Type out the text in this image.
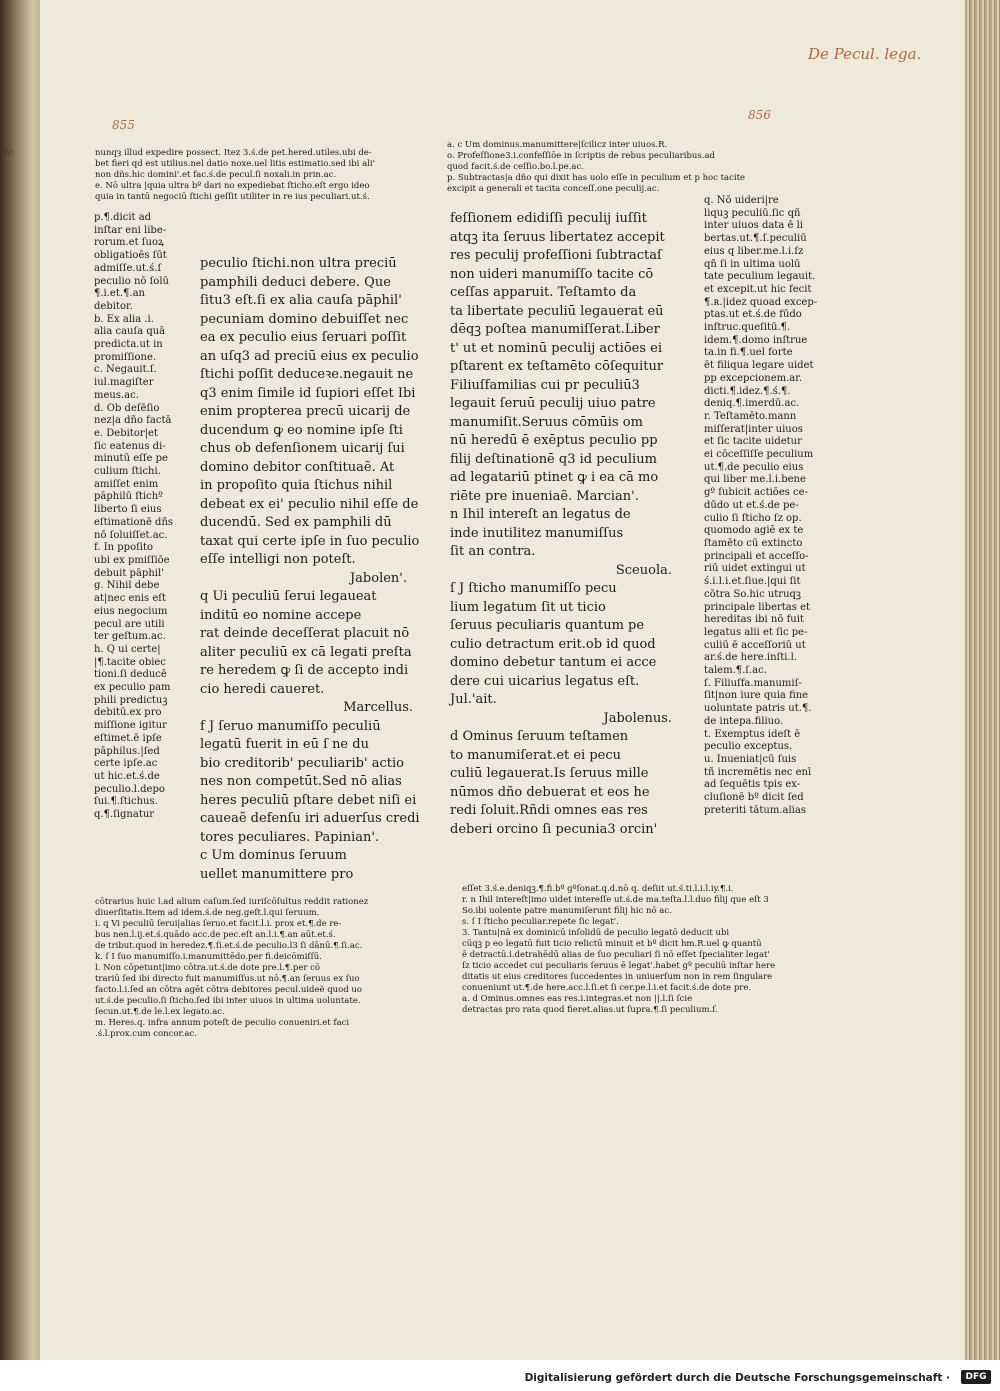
855
De Pecul. lega.
855
856
nunqȝ illud expedire possect. Itez 3.ś.de pet.hered.utiles.ubi de-
bet fieri qd est utilius.nel datio noxe.uel litis estimatio.sed ibi ali'
non dñs.hic domini'.et fac.ś.de pecul.ſi noxali.in prin.ac.
e. Nō ultra |quia ultra bº dari no expediebat ſticho.eſt ergo ideo
quia in tantū negociū ſtichi geſſit utiliter in re ius peculiari.ut.ś.
p.¶.dicit ad
inſtar eni libe-
rorum.et ſuoꝝ
obligatioēs ſūt
admiſſe.ut.ś.ſ
peculio nō ſolū
¶.i.et.¶.an
debitor.
b. Ex alia .i.
alia cauſa quā
predicta.ut in
promiſſione.
c. Negauit.ſ.
iul.magiſter
meus.ac.
d. Ob deſēſio
nez|a dño factā
e. Debitor|et
ſic eatenus di-
minutū eſſe pe
culium ſtichi.
amiſſet enim
pāphilū ſtichº
liberto ſi eius
eſtimationē dñs
nō ſoluiſſet.ac.
f. In ppoſito
ubi ex pmiſſiōe
debuit pāphil'
g. Nihil debe
at|nec enis eſt
eius negocium
pecul are utili
ter geſtum.ac.
h. Q ui certe|
|¶.tacite obiec
tioni.ſi deducē
ex peculio pam
phili predictuꝫ
debitū.ex pro
miſſione igitur
eſtimet.ē ipſe
pāphilus.|ſed
certe ipſe.ac
ut hic.et.ś.de
peculio.l.depo
ſui.¶.ſtichus.
q.¶.ſignatur
peculio ſtichi.non ultra preciū
pamphili deduci debere. Que
ſitu3 eſt.ſi ex alia cauſa pāphil'
pecuniam domino debuiſſet nec
ea ex peculio eius ſeruari poſſit
an uſq3 ad preciū eius ex peculio
ſtichi poſſit deduceꝛe.negauit ne
q3 enim ſimile id ſupiori eſſet Ibi
enim propterea precū uicarij de
ducendum ꝙ eo nomine ipſe ſti
chus ob defenſionem uicarij ſui
domino debitor conſtituaẽ. At
in propoſito quia ſtichus nihil
debeat ex ei' peculio nihil eſſe de
ducendū. Sed ex pamphili dū
taxat qui certe ipſe in ſuo peculio
eſſe intelligi non poteſt.
Jabolen'.
q Ui peculiū ſerui legaueat
inditū eo nomine accepe
rat deinde deceſſerat placuit nō
aliter peculiū ex cā legati preſta
re heredem ꝙ ſi de accepto indi
cio heredi caueret.
Marcellus.
f J ſeruo manumiſſo peculiū
legatū fuerit in eū ſ ne du
bio creditorib' peculiarib' actio
nes non competūt.Sed nō alias
heres peculiū pſtare debet niſi ei
caueaẽ defenſu iri aduerſus credi
tores peculiares. Papinian'.
c Um dominus ſeruum
uellet manumittere pro
a. c Um dominus.manumittere|ſcilicz inter uiuos.R.
o. Profeſſione3.i.confeſſiōe in ſcriptis de rebus peculiaribus.ad
quod facit.ś.de ceſſio.bo.l.pe.ac.
p. Subtractas|a dño qui dixit has uolo eſſe in peculium et p hoc tacite
excipit a generali et tacita conceſſ.one peculij.ac.
feſſionem edidiſſi peculij iuſſit
atqꝫ ita ſeruus libertatez accepit
res peculij profeſſioni ſubtractaſ
non uideri manumiſſo tacite cō
ceſſas apparuit. Teſtamto da
ta libertate peculiū legauerat eū
dēqꝫ poſtea manumiſſerat.Liber
t' ut et nominū peculij actiōes ei
pſtarent ex teſtamēto cōſequitur
Filiuſfamilias cui pr peculiū3
legauit ſeruū peculij uiuo patre
manumiſit.Seruus cōmūis om
nū heredū ē exēptus peculio pp
filij deſtinationē q3 id peculium
ad legatariū ptinet ꝙ i ea cā mo
riēte pre inueniaẽ. Marcian'.
n Ihil intereſt an legatus de
inde inutilitez manumiſſus
ſit an contra.
Sceuola.
ſ J ſticho manumiſſo pecu
lium legatum ſit ut ticio
ſeruus peculiaris quantum pe
culio detractum erit.ob id quod
domino debetur tantum ei acce
dere cui uicarius legatus eſt.
Jul.'ait.
Jabolenus.
d Ominus ſeruum teſtamen
to manumiſerat.et ei pecu
culiū legauerat.Is ſeruus mille
nūmos dño debuerat et eos he
redi ſoluit.Rñdi omnes eas res
deberi orcino ſi pecunia3 orcin'
q. Nō uideri|re
liquꝫ peculiū.ſic qñ
inter uiuos data ē li
bertas.ut.¶.ſ.peculiū
eius q liber.me.l.i.ſz
qñ ſi in ultima uolū
tate peculium legauit.
et excepit.ut hic fecit
¶.ʀ.|idez quoad excep-
ptas.ut et.ś.de fūdo
inſtruc.queſitū.¶.
idem.¶.domo inſtrue
ta.in fi.¶.uel forte
ēt filiqua legare uidet
pp excepcionem.ar.
dicti.¶.idez.¶.ś.¶.
deniq.¶.imerdū.ac.
r. Teſtamēto.mann
miſſerat|inter uiuos
et ſic tacite uidetur
ei cōceſſiſſe peculium
ut.¶.de peculio eius
qui liber me.l.i.bene
gº ſubicit actiōes ce-
dūdo ut et.ś.de pe-
culio ſi ſticho ſz op.
quomodo agiẽ ex te
ſtamēto cū extincto
principali et acceſſo-
riū uidet extingui ut
ś.i.l.i.et.ſiue.|qui ſit
cōtra So.hic utruqꝫ
principale libertas et
hereditas ibi nō fuit
legatus alii et ſic pe-
culiū ē acceſſoriū ut
ar.ś.de here.inſti.l.
talem.¶.ſ.ac.
ſ. Filiuſfa.manumiſ-
ſit|non iure quia fine
uoluntate patris ut.¶.
de intepa.filiuo.
t. Exemptus ideſt ē
peculio exceptus.
u. Inueniat|cū ſuis
tñ incremētis nec enī
ad ſequētis tpis ex-
cluſionē bº dicit ſed
preteriti tātum.alias
cōtrarius huic l.ad alium caſum.ſed iuriſcōſultus reddit rationez
diuerſitatis.Item ad idem.ś.de neg.geſt.l.qui ſeruum.
i. q Vi peculiū ſerui|alias ſeruo.et facit.l.i. prox et.¶.de re-
bus nen.l.ij.et.ś.quādo acc.de pec.eſt an.l.i.¶.an aūt.et.ś.
de tribut.quod in heredez.¶.ſi.et.ś.de peculio.l3 ſi dānū.¶.ſi.ac.
k. ſ I ſuo manumiſſo.i.manumittēdo.per fi.deicōmiſſū.
l. Non cōpetunt|imo cōtra.ut.ś.de dote pre.l.¶.per cō
trariū ſed ibi directo fuit manumiſſus.ut nō.¶.an ſeruus ex ſuo
facto.l.i.ſed an cōtra agēt cōtra debitores pecul.uideẽ quod uo
ut.ś.de peculio.ſi ſticho.ſed ibi inter uiuos in ultima uoluntate.
ſecun.ut.¶.de le.l.ex legato.ac.
m. Heres.q. infra annum poteſt de peculio conueniri.et faci
.ś.l.prox.cum concor.ac.
eſſet 3.ś.e.deniqꝫ.¶.fi.bº gºſonat.q.d.nō q. deſiit ut.ś.ti.l.i.l.iy.¶.i.
r. n Ihil intereſt|imo uidet intereſſe ut.ś.de ma.teſta.l.l.duo filij que eſt 3
So.ibi uolente patre manumiſerunt filij hic nō ac.
s. ſ I ſticho peculiar.repete ſic legat'.
3. Tantu|nā ex dominicū inſolidū de peculio legatō deducit ubi
cūqꝫ p eo legatū fuit ticio relictū minuit et bº dicit hm.R.uel ꝙ quantū
ē detractū.i.detrahēdū alias de ſuo peculiari ſi nō eſſet ſpecialiter legat'
ſz ticio accedet cui peculiaris ſeruus ē legat'.habet gº peculiū inſtar here
ditatis ut eius creditores ſuccedentes in uniuerſum non in rem ſingulare
conueniunt ut.¶.de here.acc.l.ſi.et ſi cer.pe.l.i.et facit.ś.de dote pre.
a. d Ominus.omnes eas res.i.integras.et non ||.l.ſi ſcie
detractas pro rata quod fieret.alias.ut ſupra.¶.ſi peculium.ſ.
Digitalisierung gefördert durch die Deutsche Forschungsgemeinschaft ·	DFG
